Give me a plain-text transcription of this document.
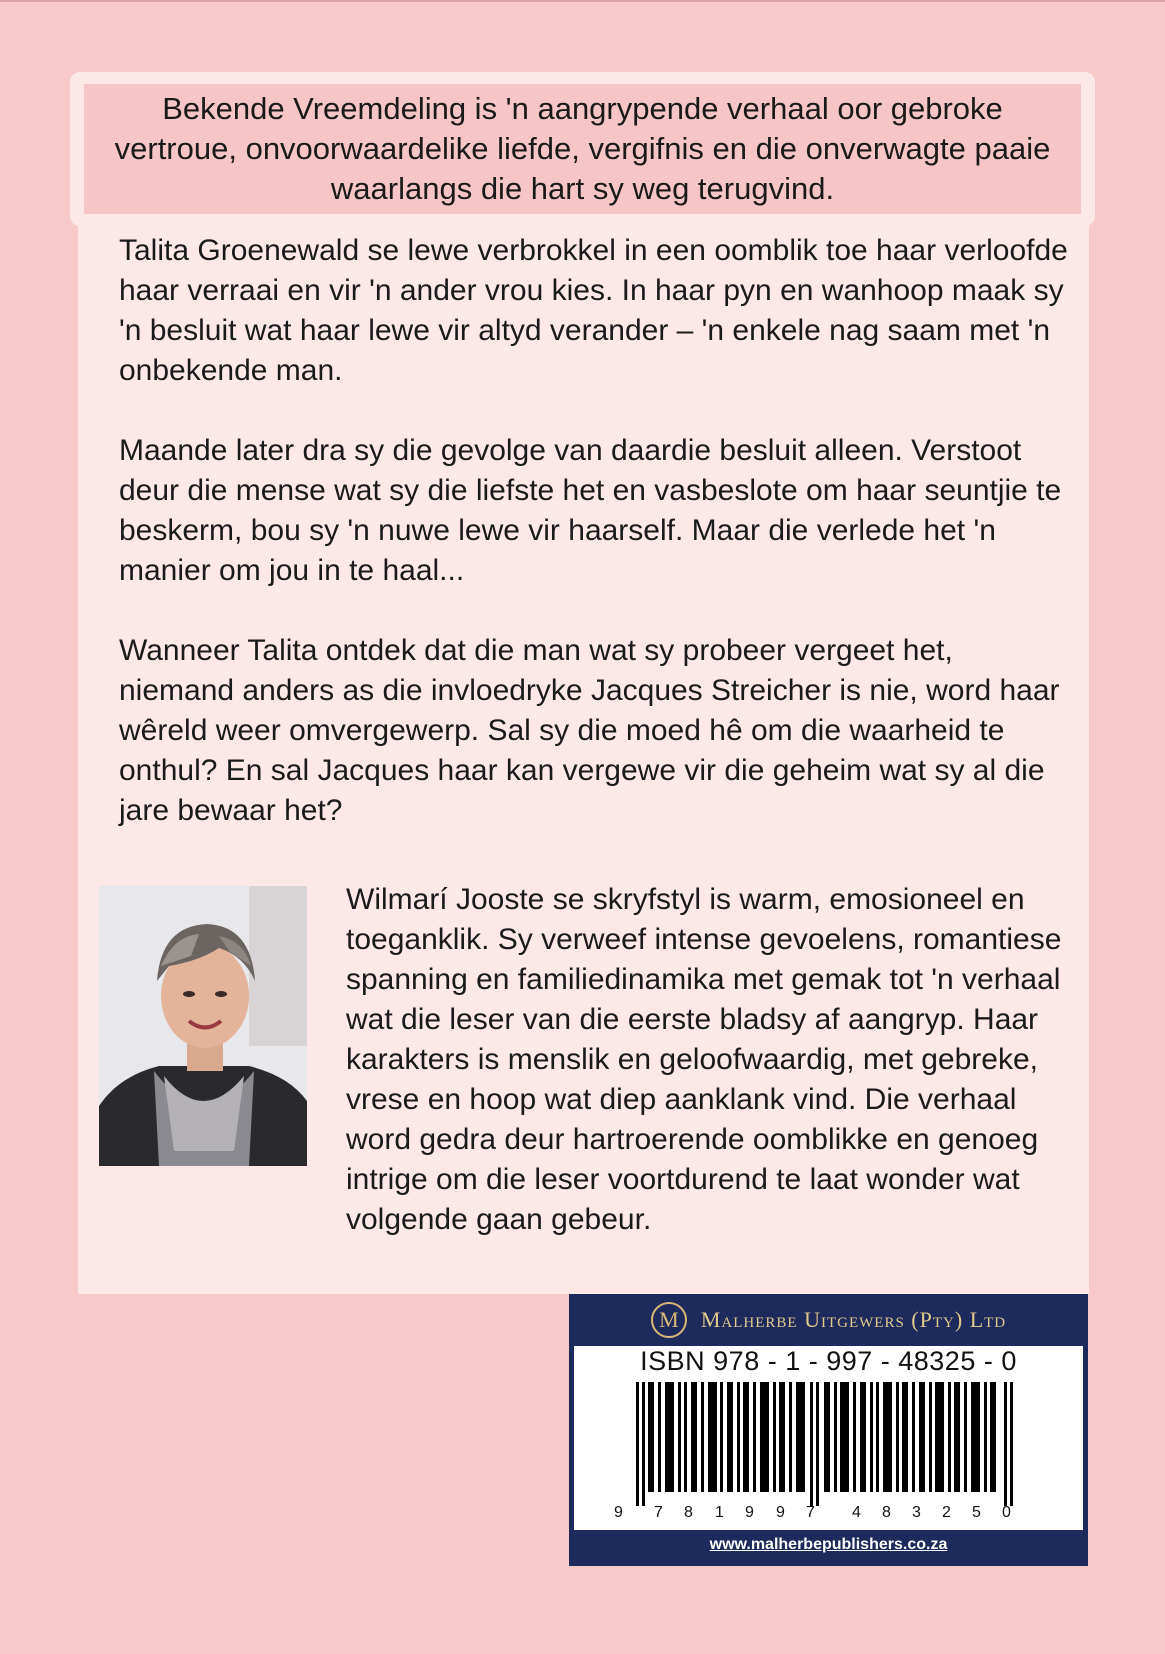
Bekende Vreemdeling is 'n aangrypende verhaal oor gebroke vertroue, onvoorwaardelike liefde, vergifnis en die onverwagte paaie waarlangs die hart sy weg terugvind.

Talita Groenewald se lewe verbrokkel in een oomblik toe haar verloofde haar verraai en vir 'n ander vrou kies. In haar pyn en wanhoop maak sy 'n besluit wat haar lewe vir altyd verander – 'n enkele nag saam met 'n onbekende man.

Maande later dra sy die gevolge van daardie besluit alleen. Verstoot deur die mense wat sy die liefste het en vasbeslote om haar seuntjie te beskerm, bou sy 'n nuwe lewe vir haarself. Maar die verlede het 'n manier om jou in te haal...

Wanneer Talita ontdek dat die man wat sy probeer vergeet het, niemand anders as die invloedryke Jacques Streicher is nie, word haar wêreld weer omvergewerp. Sal sy die moed hê om die waarheid te onthul? En sal Jacques haar kan vergewe vir die geheim wat sy al die jare bewaar het?

Wilmarí Jooste se skryfstyl is warm, emosioneel en toeganklik. Sy verweef intense gevoelens, romantiese spanning en familiedinamika met gemak tot 'n verhaal wat die leser van die eerste bladsy af aangryp. Haar karakters is menslik en geloofwaardig, met gebreke, vrese en hoop wat diep aanklank vind. Die verhaal word gedra deur hartroerende oomblikke en genoeg intrige om die leser voortdurend te laat wonder wat volgende gaan gebeur.

M	Malherbe Uitgewers (Pty) Ltd
ISBN 978 - 1 - 997 - 48325 - 0
9 7 8 1 9 9 7 4 8 3 2 5 0
www.malherbepublishers.co.za
